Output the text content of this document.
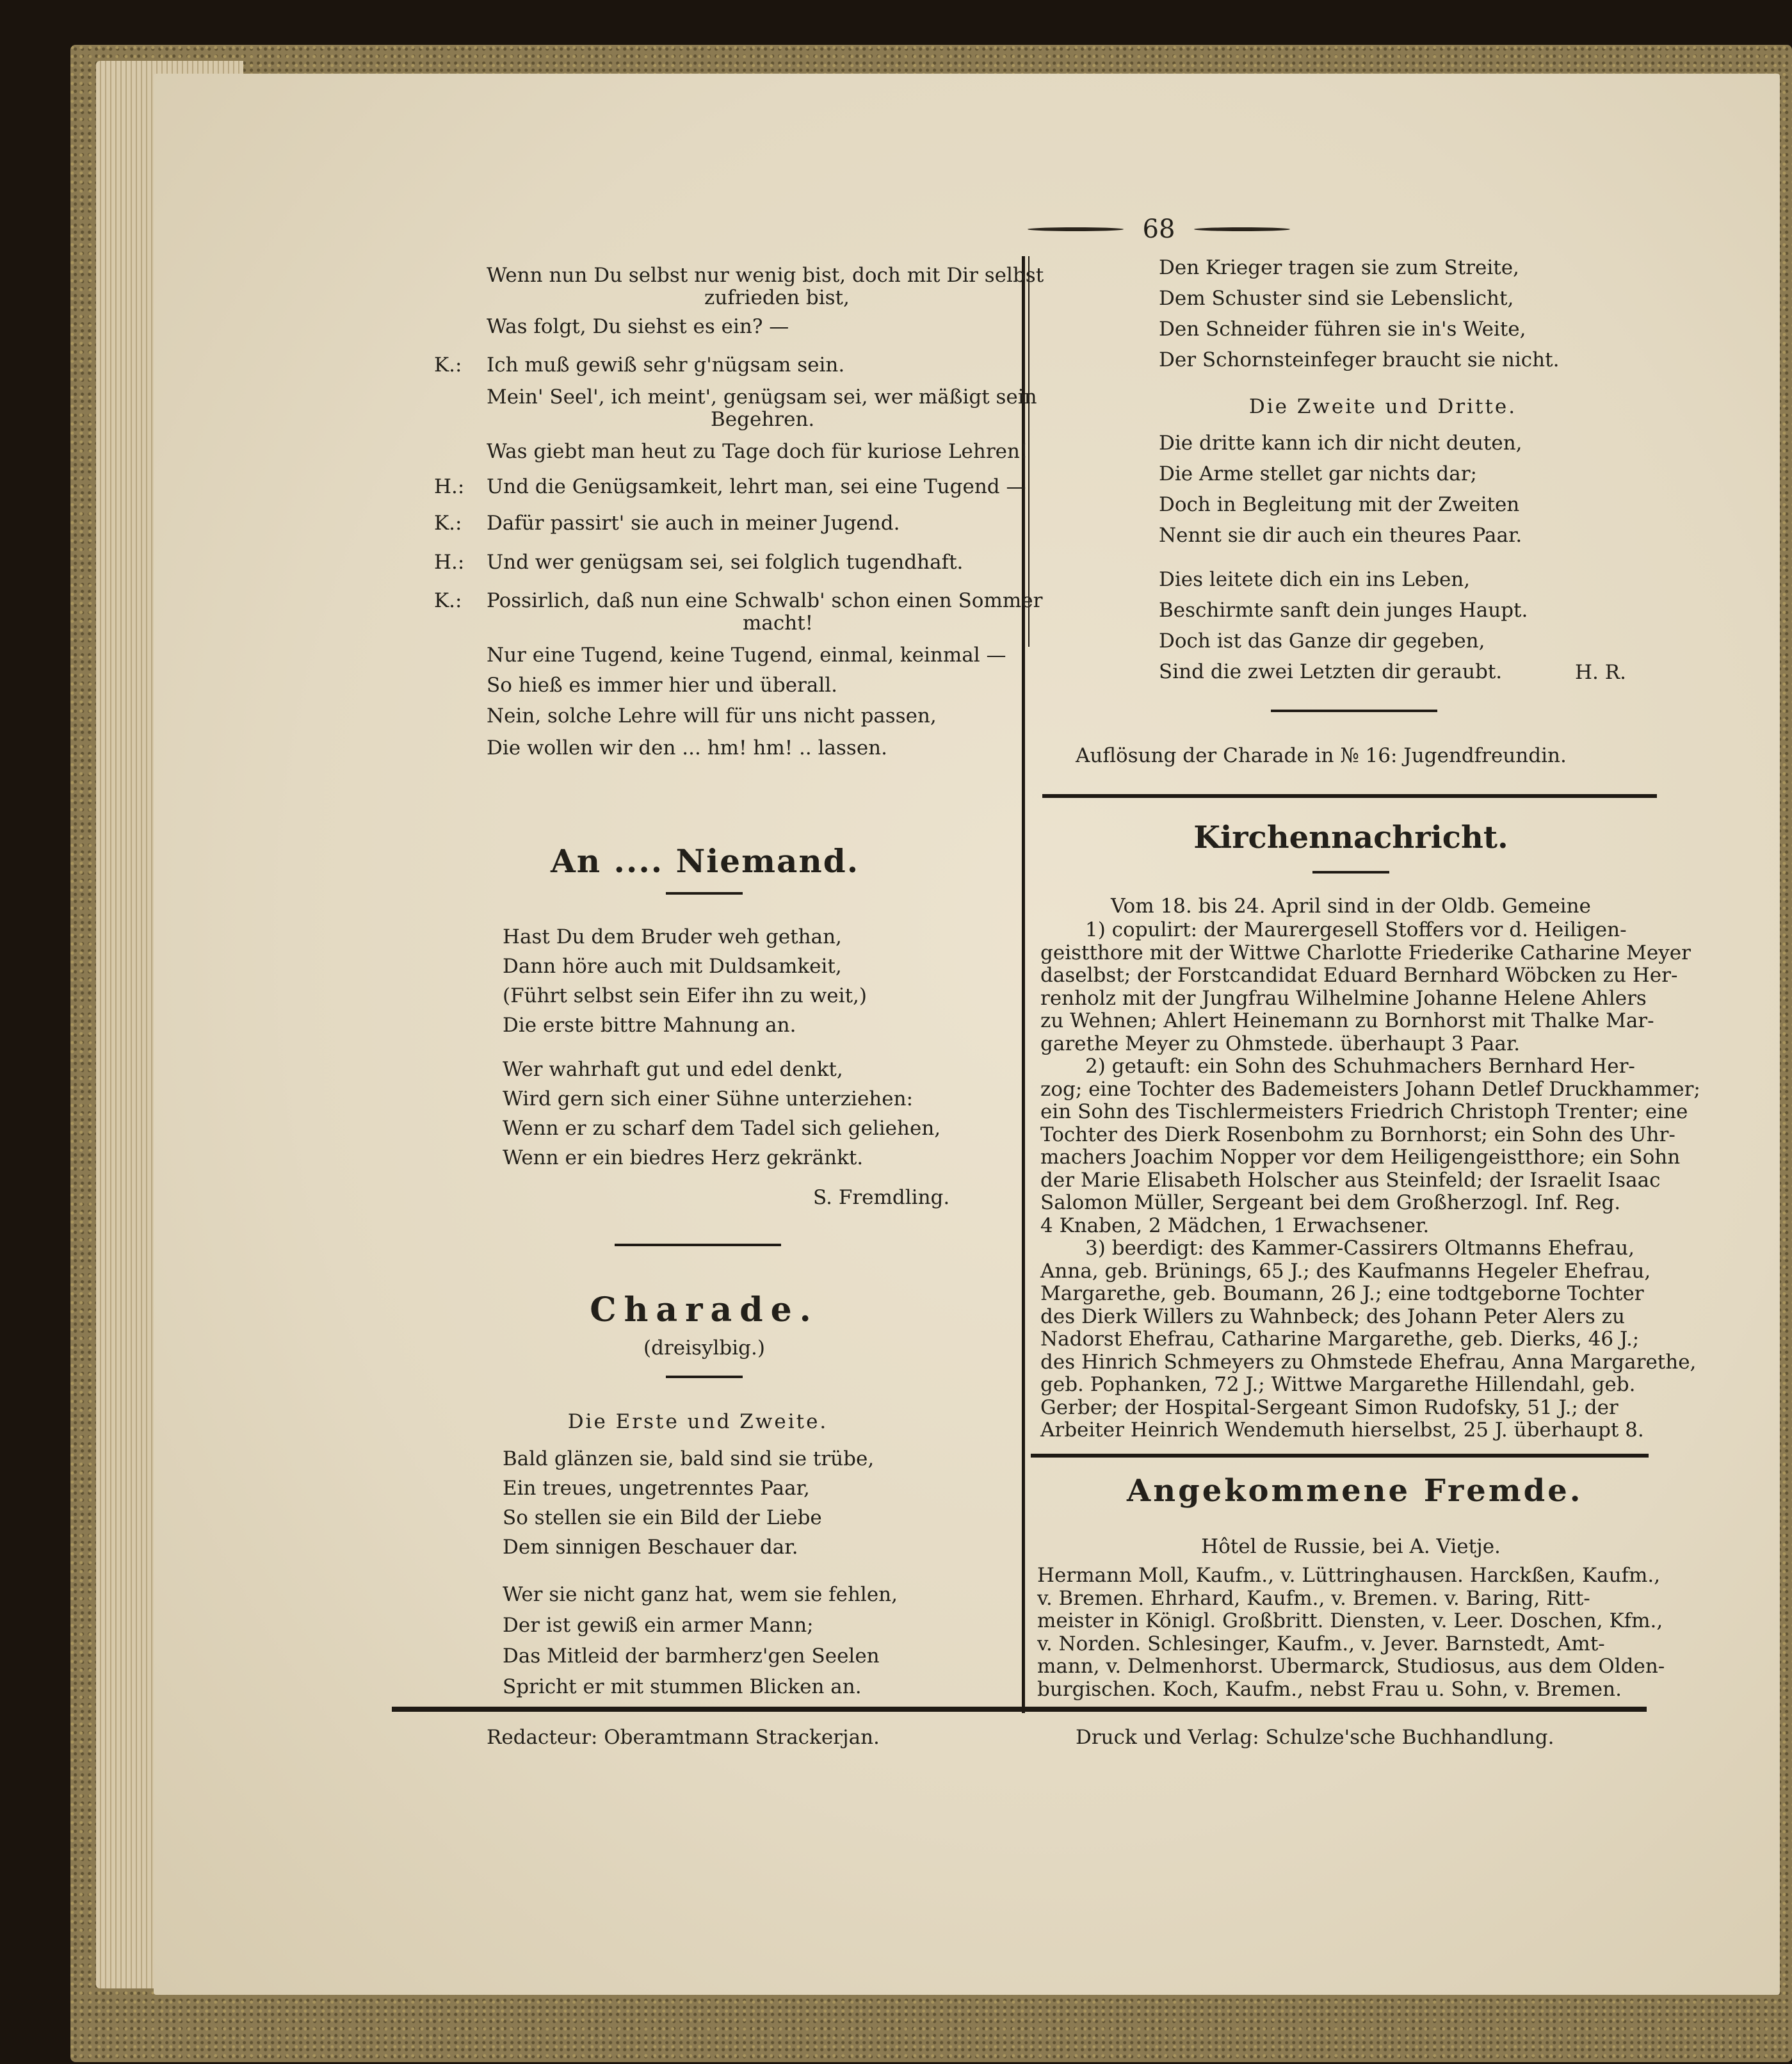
68
Wenn nun Du selbst nur wenig bist, doch mit Dir selbst
zufrieden bist,
Was folgt, Du siehst es ein? —
K.: Ich muß gewiß sehr g'nügsam sein.
Mein' Seel', ich meint', genügsam sei, wer mäßigt sein
Begehren.
Was giebt man heut zu Tage doch für kuriose Lehren!
H.: Und die Genügsamkeit, lehrt man, sei eine Tugend —
K.: Dafür passirt' sie auch in meiner Jugend.
H.: Und wer genügsam sei, sei folglich tugendhaft.
K.: Possirlich, daß nun eine Schwalb' schon einen Sommer
macht!
Nur eine Tugend, keine Tugend, einmal, keinmal —
So hieß es immer hier und überall.
Nein, solche Lehre will für uns nicht passen,
Die wollen wir den ... hm! hm! .. lassen.
An .... Niemand.
Hast Du dem Bruder weh gethan,
Dann höre auch mit Duldsamkeit,
(Führt selbst sein Eifer ihn zu weit,)
Die erste bittre Mahnung an.
Wer wahrhaft gut und edel denkt,
Wird gern sich einer Sühne unterziehen:
Wenn er zu scharf dem Tadel sich geliehen,
Wenn er ein biedres Herz gekränkt.
S. Fremdling.
Charade.
(dreisylbig.)
Die Erste und Zweite.
Bald glänzen sie, bald sind sie trübe,
Ein treues, ungetrenntes Paar,
So stellen sie ein Bild der Liebe
Dem sinnigen Beschauer dar.
Wer sie nicht ganz hat, wem sie fehlen,
Der ist gewiß ein armer Mann;
Das Mitleid der barmherz'gen Seelen
Spricht er mit stummen Blicken an.
Den Krieger tragen sie zum Streite,
Dem Schuster sind sie Lebenslicht,
Den Schneider führen sie in's Weite,
Der Schornsteinfeger braucht sie nicht.
Die Zweite und Dritte.
Die dritte kann ich dir nicht deuten,
Die Arme stellet gar nichts dar;
Doch in Begleitung mit der Zweiten
Nennt sie dir auch ein theures Paar.
Dies leitete dich ein ins Leben,
Beschirmte sanft dein junges Haupt.
Doch ist das Ganze dir gegeben,
Sind die zwei Letzten dir geraubt.	H. R.
Auflösung der Charade in № 16: Jugendfreundin.
Kirchennachricht.
Vom 18. bis 24. April sind in der Oldb. Gemeine
1) copulirt: der Maurergesell Stoffers vor d. Heiligen-
geistthore mit der Wittwe Charlotte Friederike Catharine Meyer
daselbst; der Forstcandidat Eduard Bernhard Wöbcken zu Her-
renholz mit der Jungfrau Wilhelmine Johanne Helene Ahlers
zu Wehnen; Ahlert Heinemann zu Bornhorst mit Thalke Mar-
garethe Meyer zu Ohmstede. überhaupt 3 Paar.
2) getauft: ein Sohn des Schuhmachers Bernhard Her-
zog; eine Tochter des Bademeisters Johann Detlef Druckhammer;
ein Sohn des Tischlermeisters Friedrich Christoph Trenter; eine
Tochter des Dierk Rosenbohm zu Bornhorst; ein Sohn des Uhr-
machers Joachim Nopper vor dem Heiligengeistthore; ein Sohn
der Marie Elisabeth Holscher aus Steinfeld; der Israelit Isaac
Salomon Müller, Sergeant bei dem Großherzogl. Inf. Reg.
4 Knaben, 2 Mädchen, 1 Erwachsener.
3) beerdigt: des Kammer-Cassirers Oltmanns Ehefrau,
Anna, geb. Brünings, 65 J.; des Kaufmanns Hegeler Ehefrau,
Margarethe, geb. Boumann, 26 J.; eine todtgeborne Tochter
des Dierk Willers zu Wahnbeck; des Johann Peter Alers zu
Nadorst Ehefrau, Catharine Margarethe, geb. Dierks, 46 J.;
des Hinrich Schmeyers zu Ohmstede Ehefrau, Anna Margarethe,
geb. Pophanken, 72 J.; Wittwe Margarethe Hillendahl, geb.
Gerber; der Hospital-Sergeant Simon Rudofsky, 51 J.; der
Arbeiter Heinrich Wendemuth hierselbst, 25 J. überhaupt 8.
Angekommene Fremde.
Hôtel de Russie, bei A. Vietje.
Hermann Moll, Kaufm., v. Lüttringhausen. Harckßen, Kaufm.,
v. Bremen. Ehrhard, Kaufm., v. Bremen. v. Baring, Ritt-
meister in Königl. Großbritt. Diensten, v. Leer. Doschen, Kfm.,
v. Norden. Schlesinger, Kaufm., v. Jever. Barnstedt, Amt-
mann, v. Delmenhorst. Ubermarck, Studiosus, aus dem Olden-
burgischen. Koch, Kaufm., nebst Frau u. Sohn, v. Bremen.
Redacteur: Oberamtmann Strackerjan.	Druck und Verlag: Schulze'sche Buchhandlung.
